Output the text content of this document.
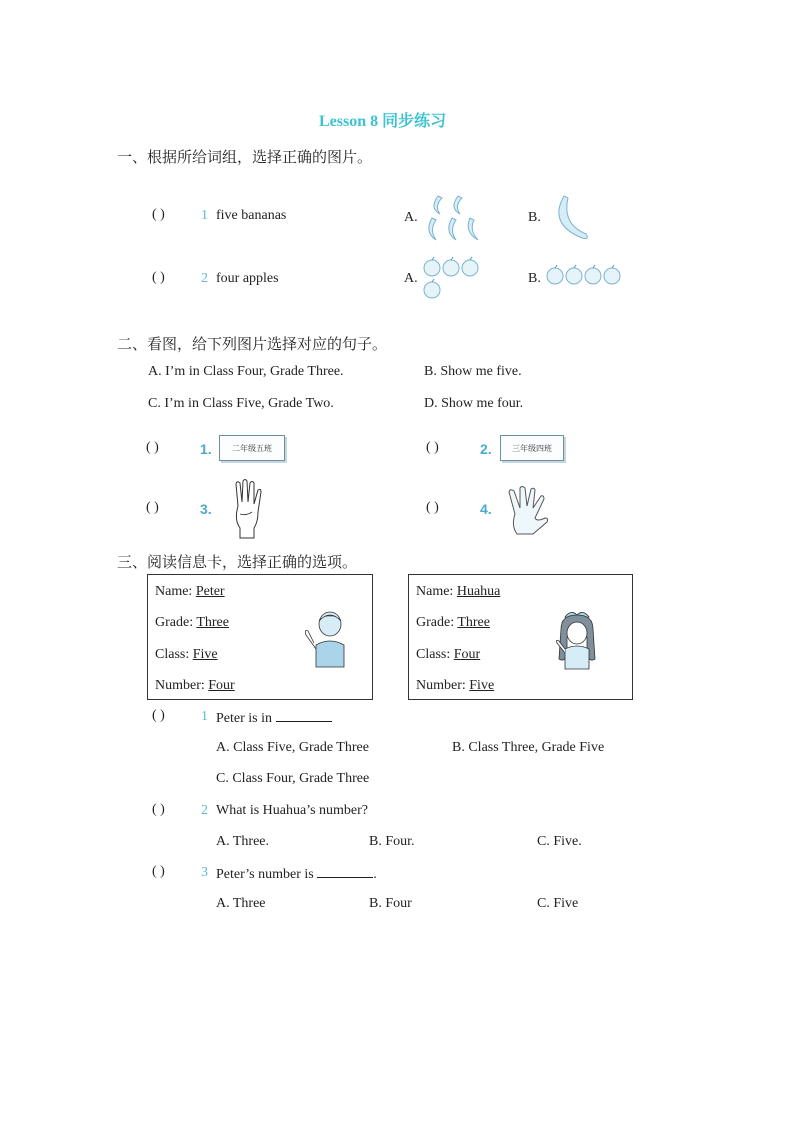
Lesson 8 同步练习
一、根据所给词组，选择正确的图片。
( )	1 five bananas	A.	B.
( )	2 four apples	A.	B.
二、看图，给下列图片选择对应的句子。
A. I’m in Class Four, Grade Three.	B. Show me five.
C. I’m in Class Five, Grade Two.	D. Show me four.
( )	1.	二年级五班	( )	2.	三年级四班
( )	3.	( )	4.
三、阅读信息卡，选择正确的选项。
Name: Peter
Grade: Three
Class: Five
Number: Four
Name: Huahua
Grade: Three
Class: Four
Number: Five
( )	1 Peter is in
A. Class Five, Grade Three	B. Class Three, Grade Five
C. Class Four, Grade Three
( )	2 What is Huahua’s number?
A. Three.	B. Four.	C. Five.
( )	3 Peter’s number is	.
A. Three	B. Four	C. Five
